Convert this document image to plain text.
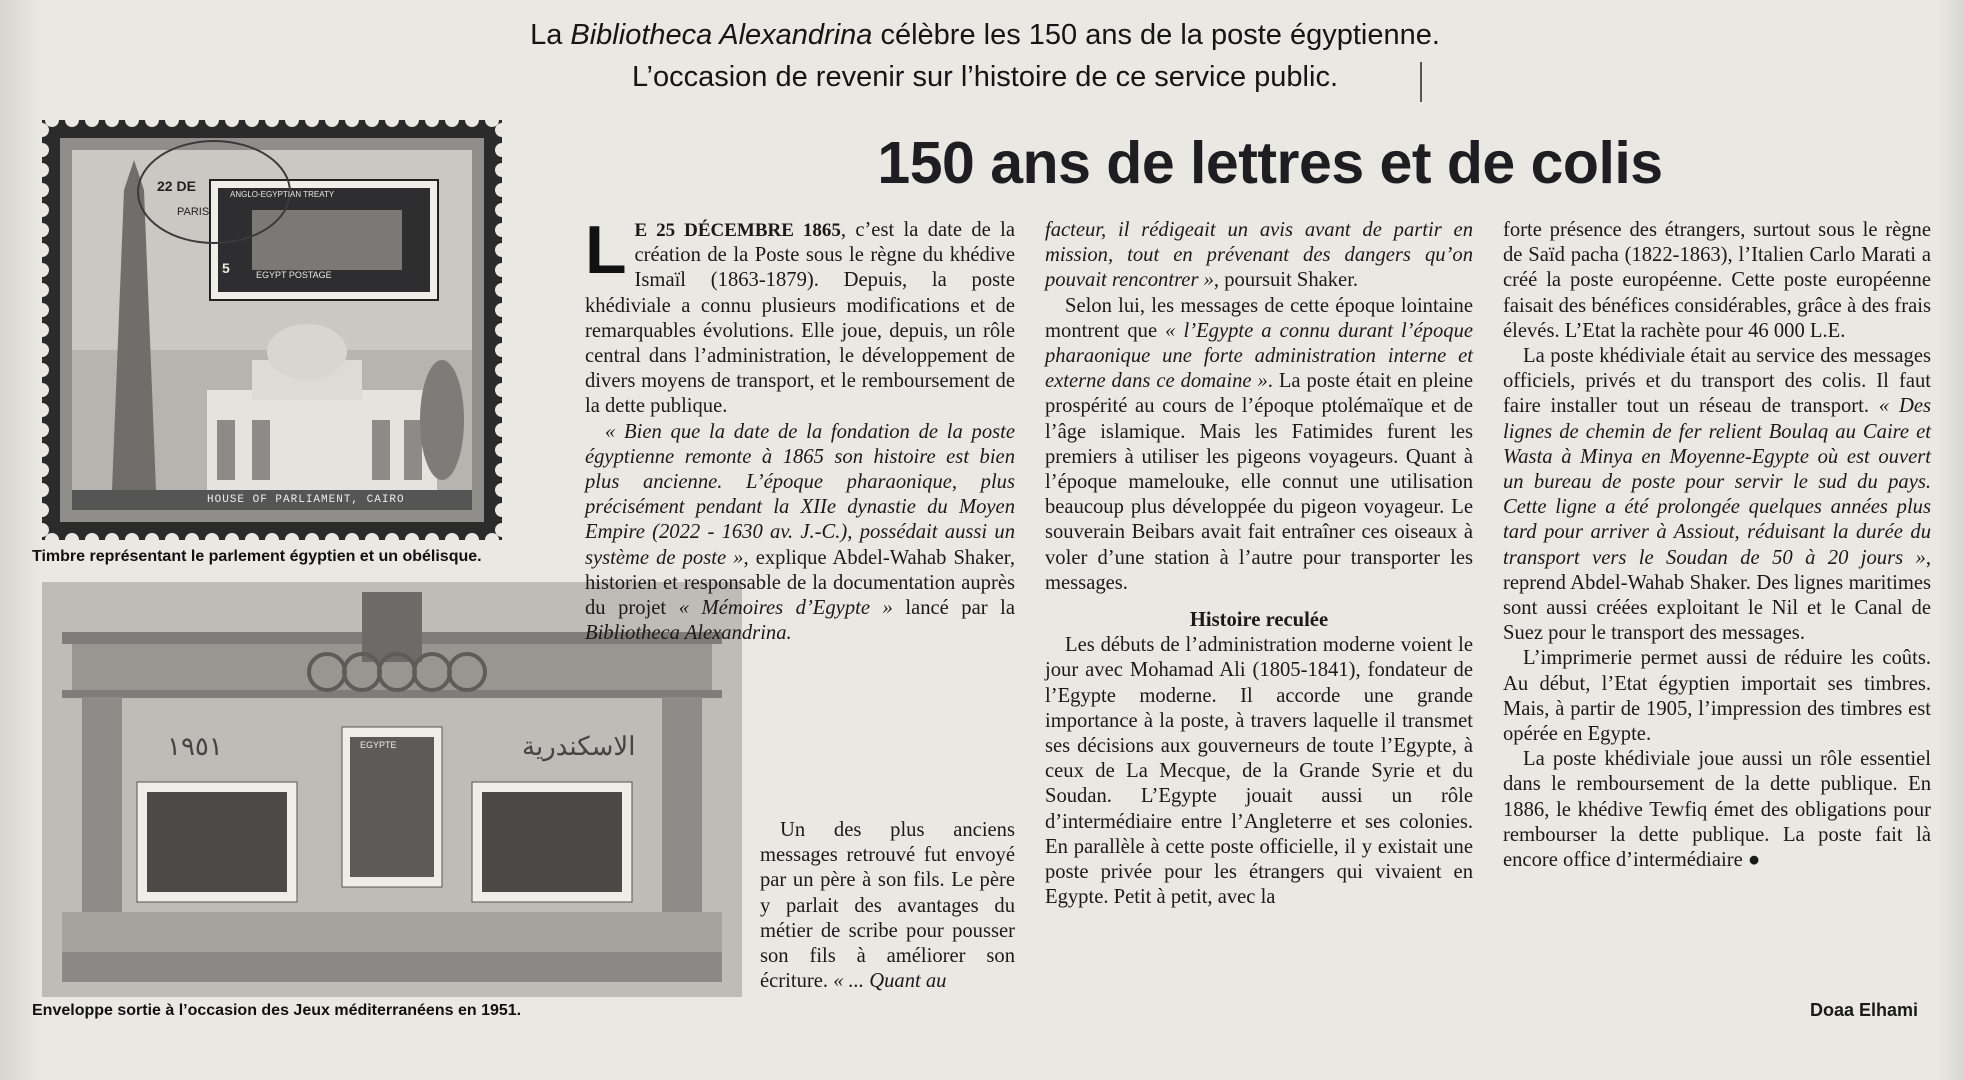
La Bibliotheca Alexandrina célèbre les 150 ans de la poste égyptienne.
L’occasion de revenir sur l’histoire de ce service public.
150 ans de lettres et de colis
22 DE
PARIS
ANGLO-EGYPTIAN TREATY
EGYPT POSTAGE
5
HOUSE OF PARLIAMENT, CAIRO
Timbre représentant le parlement égyptien et un obélisque.
١٩٥١	الاسكندرية
EGYPTE
Enveloppe sortie à l’occasion des Jeux méditerranéens en 1951.

L E 25 DÉCEMBRE 1865, c’est la date de la création de la Poste sous le règne du khédive Ismaïl (1863-1879). Depuis, la poste khédiviale a connu plusieurs modifications et de remarquables évolutions. Elle joue, depuis, un rôle central dans l’administration, le développement de divers moyens de transport, et le remboursement de la dette publique.

« Bien que la date de la fondation de la poste égyptienne remonte à 1865 son histoire est bien plus ancienne. L’époque pharaonique, plus précisément pendant la XIIe dynastie du Moyen Empire (2022 - 1630 av. J.-C.), possédait aussi un système de poste », explique Abdel-Wahab Shaker, historien et responsable de la documentation auprès du projet « Mémoires d’Egypte » lancé par la Bibliotheca Alexandrina.

Un des plus anciens messages retrouvé fut envoyé par un père à son fils. Le père y parlait des avantages du métier de scribe pour pousser son fils à améliorer son écriture. « ... Quant au

facteur, il rédigeait un avis avant de partir en mission, tout en prévenant des dangers qu’on pouvait rencontrer », poursuit Shaker.

Selon lui, les messages de cette époque lointaine montrent que « l’Egypte a connu durant l’époque pharaonique une forte administration interne et externe dans ce domaine ». La poste était en pleine prospérité au cours de l’époque ptolémaïque et de l’âge islamique. Mais les Fatimides furent les premiers à utiliser les pigeons voyageurs. Quant à l’époque mamelouke, elle connut une utilisation beaucoup plus développée du pigeon voyageur. Le souverain Beibars avait fait entraîner ces oiseaux à voler d’une station à l’autre pour transporter les messages.

Histoire reculée

Les débuts de l’administration moderne voient le jour avec Mohamad Ali (1805-1841), fondateur de l’Egypte moderne. Il accorde une grande importance à la poste, à travers laquelle il transmet ses décisions aux gouverneurs de toute l’Egypte, à ceux de La Mecque, de la Grande Syrie et du Soudan. L’Egypte jouait aussi un rôle d’intermédiaire entre l’Angleterre et ses colonies. En parallèle à cette poste officielle, il y existait une poste privée pour les étrangers qui vivaient en Egypte. Petit à petit, avec la

forte présence des étrangers, surtout sous le règne de Saïd pacha (1822-1863), l’Italien Carlo Marati a créé la poste européenne. Cette poste européenne faisait des bénéfices considérables, grâce à des frais élevés. L’Etat la rachète pour 46 000 L.E.

La poste khédiviale était au service des messages officiels, privés et du transport des colis. Il faut faire installer tout un réseau de transport. « Des lignes de chemin de fer relient Boulaq au Caire et Wasta à Minya en Moyenne-Egypte où est ouvert un bureau de poste pour servir le sud du pays. Cette ligne a été prolongée quelques années plus tard pour arriver à Assiout, réduisant la durée du transport vers le Soudan de 50 à 20 jours », reprend Abdel-Wahab Shaker. Des lignes maritimes sont aussi créées exploitant le Nil et le Canal de Suez pour le transport des messages.

L’imprimerie permet aussi de réduire les coûts. Au début, l’Etat égyptien importait ses timbres. Mais, à partir de 1905, l’impression des timbres est opérée en Egypte.

La poste khédiviale joue aussi un rôle essentiel dans le remboursement de la dette publique. En 1886, le khédive Tewfiq émet des obligations pour rembourser la dette publique. La poste fait là encore office d’intermédiaire ●

Doaa Elhami
